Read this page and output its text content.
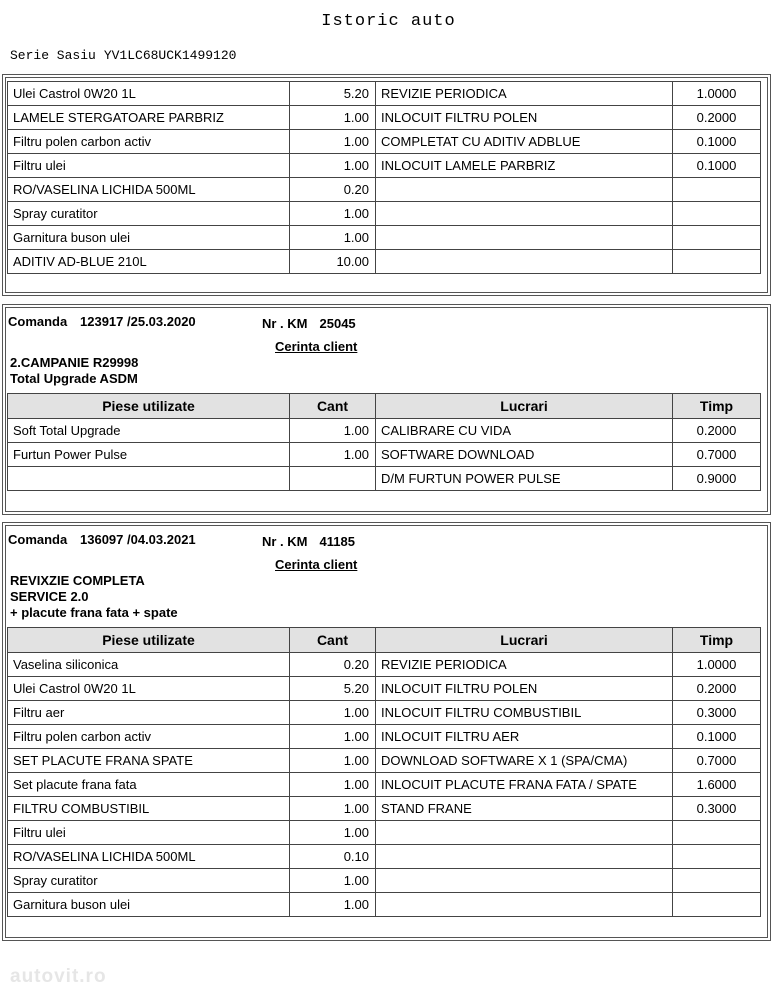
Istoric auto
Serie Sasiu YV1LC68UCK1499120
Ulei Castrol 0W20 1L	5.20	REVIZIE PERIODICA	1.0000
LAMELE STERGATOARE PARBRIZ	1.00	INLOCUIT FILTRU POLEN	0.2000
Filtru polen carbon activ	1.00	COMPLETAT CU ADITIV ADBLUE	0.1000
Filtru ulei	1.00	INLOCUIT LAMELE PARBRIZ	0.1000
RO/VASELINA LICHIDA 500ML	0.20		
Spray curatitor	1.00		
Garnitura buson ulei	1.00		
ADITIV AD-BLUE 210L	10.00		
Comanda 123917 /25.03.2020	Nr . KM 25045
Cerinta client
2.CAMPANIE R29998
Total Upgrade ASDM
Piese utilizate	Cant	Lucrari	Timp
Soft Total Upgrade	1.00	CALIBRARE CU VIDA	0.2000
Furtun Power Pulse	1.00	SOFTWARE DOWNLOAD	0.7000
		D/M FURTUN POWER PULSE	0.9000
Comanda 136097 /04.03.2021	Nr . KM 41185
Cerinta client
REVIXZIE COMPLETA
SERVICE 2.0
+ placute frana fata + spate
Piese utilizate	Cant	Lucrari	Timp
Vaselina siliconica	0.20	REVIZIE PERIODICA	1.0000
Ulei Castrol 0W20 1L	5.20	INLOCUIT FILTRU POLEN	0.2000
Filtru aer	1.00	INLOCUIT FILTRU COMBUSTIBIL	0.3000
Filtru polen carbon activ	1.00	INLOCUIT FILTRU AER	0.1000
SET PLACUTE FRANA SPATE	1.00	DOWNLOAD SOFTWARE X 1 (SPA/CMA)	0.7000
Set placute frana fata	1.00	INLOCUIT PLACUTE FRANA FATA / SPATE	1.6000
FILTRU COMBUSTIBIL	1.00	STAND FRANE	0.3000
Filtru ulei	1.00		
RO/VASELINA LICHIDA 500ML	0.10		
Spray curatitor	1.00		
Garnitura buson ulei	1.00		
autovit.ro
